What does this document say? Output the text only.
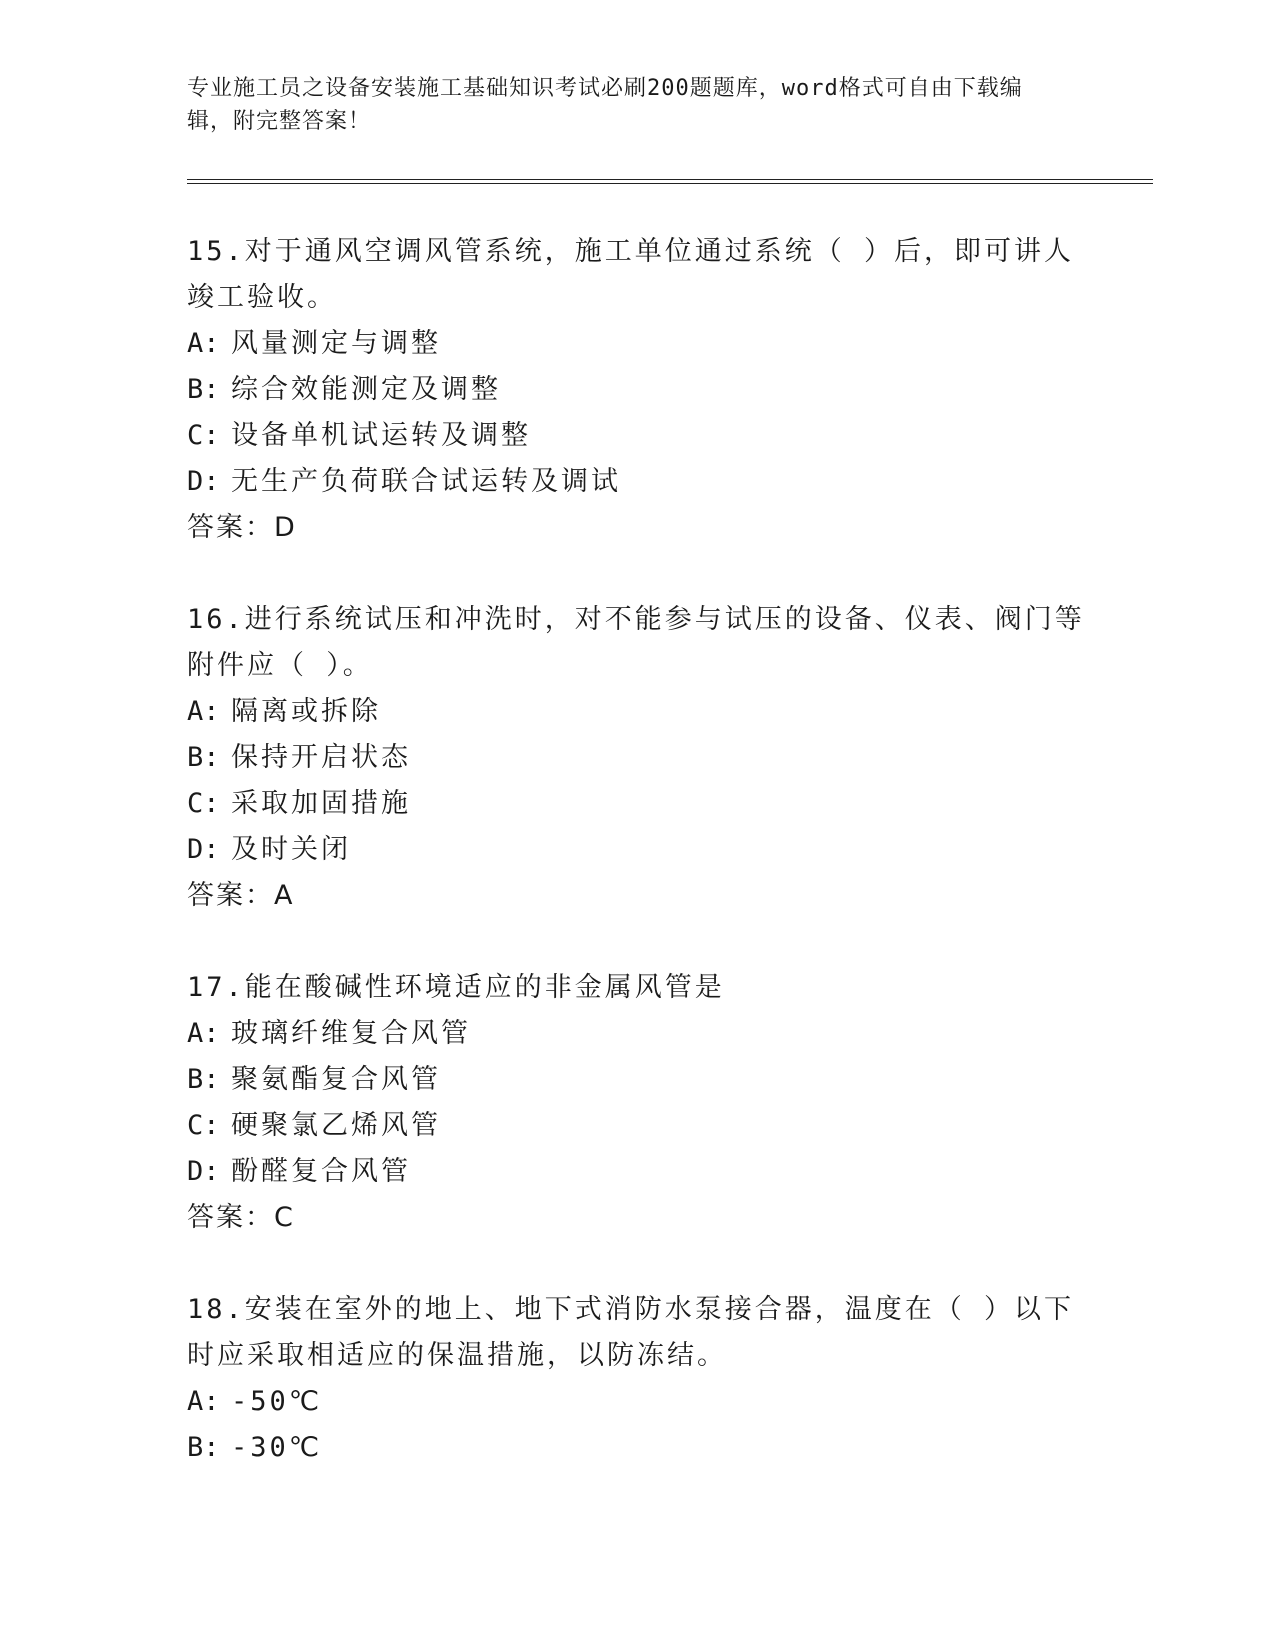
专业施工员之设备安装施工基础知识考试必刷200题题库，word格式可自由下载编辑，附完整答案！
15.对于通风空调风管系统，施工单位通过系统（ ）后，即可讲人竣工验收。
A: 风量测定与调整
B: 综合效能测定及调整
C: 设备单机试运转及调整
D: 无生产负荷联合试运转及调试
答案：D
16.进行系统试压和冲洗时，对不能参与试压的设备、仪表、阀门等附件应（ ）。
A: 隔离或拆除
B: 保持开启状态
C: 采取加固措施
D: 及时关闭
答案：A
17.能在酸碱性环境适应的非金属风管是
A: 玻璃纤维复合风管
B: 聚氨酯复合风管
C: 硬聚氯乙烯风管
D: 酚醛复合风管
答案：C
18.安装在室外的地上、地下式消防水泵接合器，温度在（ ）以下时应采取相适应的保温措施，以防冻结。
A: -50℃
B: -30℃
